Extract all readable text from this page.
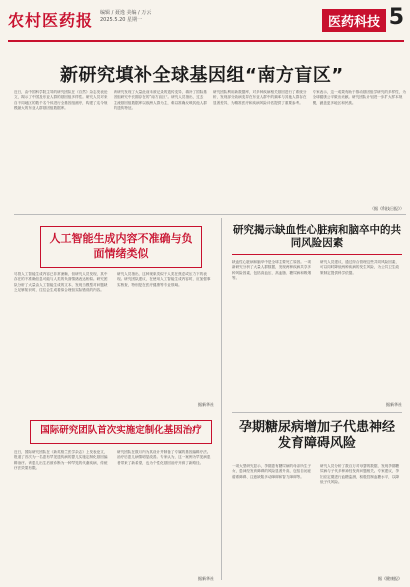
农村医药报 编辑 / 聂逸 美编 / 万云
2025.5.20 星期一	医药科技 5
新研究填补全球基因组“南方盲区”
近日，由中国科学院主导的研究团队在《自然》杂志发表论文，揭示了中国及东亚人群的基因组多样性。研究人员对来自不同地区的数千名个体进行全基因组测序，构建了迄今规模最大的东亚人群基因组数据库。
该研究发现了大量此前未被记录的遗传变异，填补了国际基因组研究中长期存在的“南方盲区”。研究人员指出，过去主流基因组数据库以欧洲人群为主，难以准确反映其他人群的遗传特征。
研究团队利用新数据库，对多种疾病相关基因进行了系统分析，发现部分致病变异在东亚人群中的频率与其他人群存在显著差异，为精准医疗和疾病风险评估提供了重要参考。
专家表示，这一成果有助于推动基因组学研究的多样性，为全球健康公平做出贡献。研究团队计划进一步扩大样本规模，涵盖更多地区和民族。
（据《科技日报》）
人工智能生成内容不准确与负面情绪类似
尽管人工智能生成内容已非常流畅，但研究人员发现，其中存在的不准确信息可能与人类的负面情绪表达相似。研究团队分析了大量由人工智能生成的文本，发现当模型对问题缺乏足够知识时，往往会生成看似合理但实际错误的内容。
研究人员指出，这种现象类似于人类在焦虑或压力下的表现。研究团队建议，在使用人工智能生成内容时，应加强事实核查，特别是在医疗健康等专业领域。
据新华社
国际研究团队首次实施定制化基因治疗
近日，国际研究团队在《新英格兰医学杂志》上发表论文，报道了首次为一名患有罕见遗传病的婴儿实施定制化基因编辑治疗。该患儿出生后被诊断为一种罕见的代谢疾病，传统疗法效果有限。
研究团队在数月内为其设计并制备了专属的基因编辑疗法。治疗后患儿病情明显改善。专家认为，这一案例为罕见病患者带来了新希望，也为个性化基因治疗开辟了新路径。
据新华社
研究揭示缺血性心脏病和脑卒中的共同风险因素
缺血性心脏病和脑卒中是全球主要死亡原因。一项新研究分析了大量人群数据，发现两种疾病共享多种风险因素，包括高血压、高血脂、糖尿病和吸烟等。
研究人员建议，通过综合管理这些共同风险因素，可以同时降低两种疾病的发生风险，为公共卫生政策制定提供科学依据。
据新华社
孕期糖尿病增加子代患神经发育障碍风险
一项大型研究显示，孕期患有糖尿病的母亲所生子女，患神经发育障碍的风险显著升高，包括自闭症谱系障碍、注意缺陷多动障碍和智力障碍等。
研究人员分析了数百万对母婴的数据，发现孕期糖尿病与子代多种神经发育问题相关。专家建议，孕妇应定期进行血糖监测，积极控制血糖水平，以降低子代风险。
据《健康报》
